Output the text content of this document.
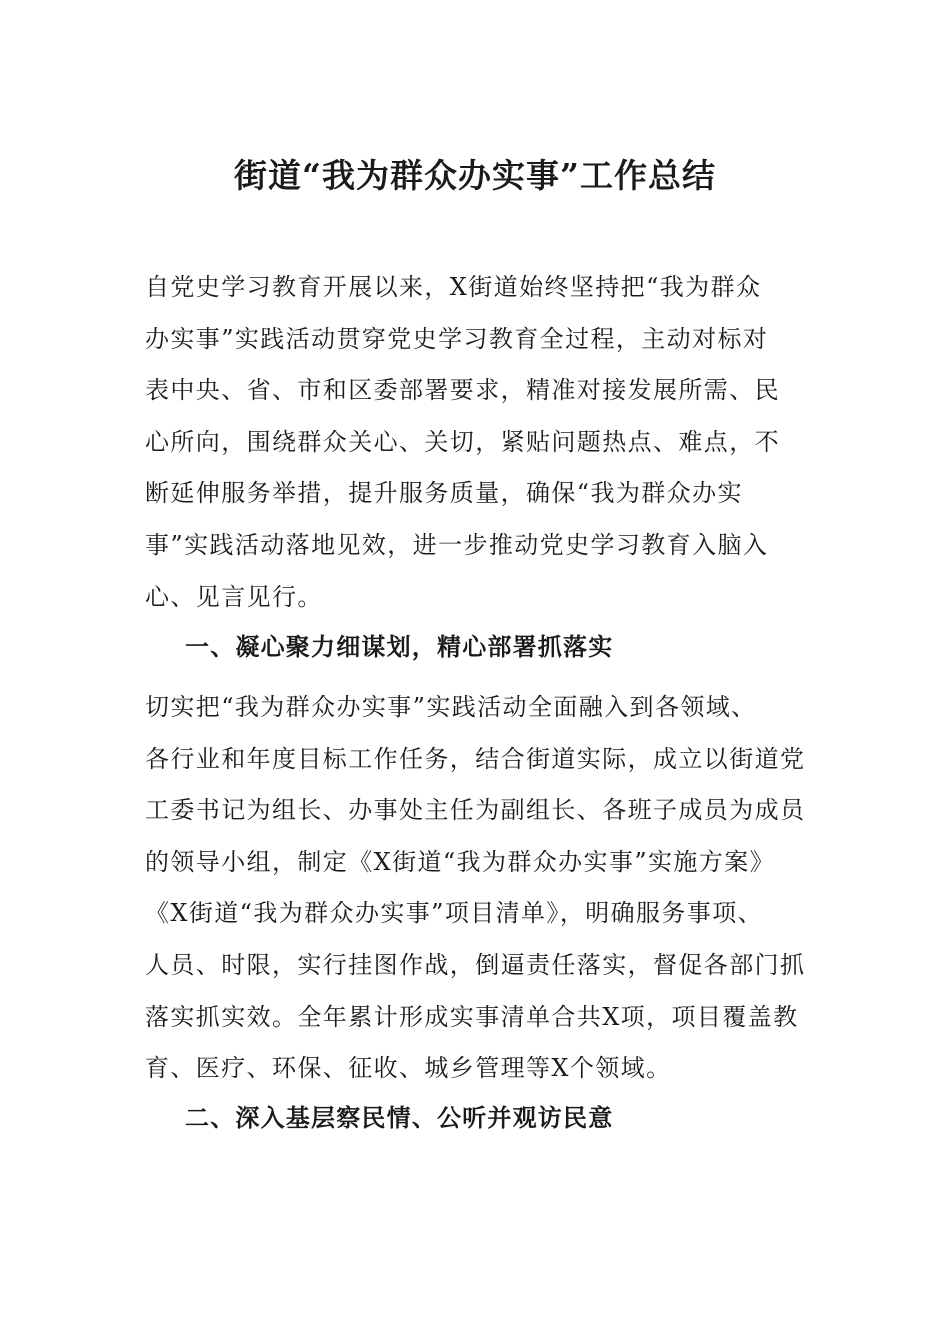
街道“我为群众办实事”工作总结

自党史学习教育开展以来，X街道始终坚持把“我为群众
办实事”实践活动贯穿党史学习教育全过程，主动对标对
表中央、省、市和区委部署要求，精准对接发展所需、民
心所向，围绕群众关心、关切，紧贴问题热点、难点，不
断延伸服务举措，提升服务质量，确保“我为群众办实
事”实践活动落地见效，进一步推动党史学习教育入脑入
心、见言见行。

一、凝心聚力细谋划，精心部署抓落实

切实把“我为群众办实事”实践活动全面融入到各领域、
各行业和年度目标工作任务，结合街道实际，成立以街道党
工委书记为组长、办事处主任为副组长、各班子成员为成员
的领导小组，制定《X街道“我为群众办实事”实施方案》
《X街道“我为群众办实事”项目清单》，明确服务事项、
人员、时限，实行挂图作战，倒逼责任落实，督促各部门抓
落实抓实效。全年累计形成实事清单合共X项，项目覆盖教
育、医疗、环保、征收、城乡管理等X个领域。

二、深入基层察民情、公听并观访民意
